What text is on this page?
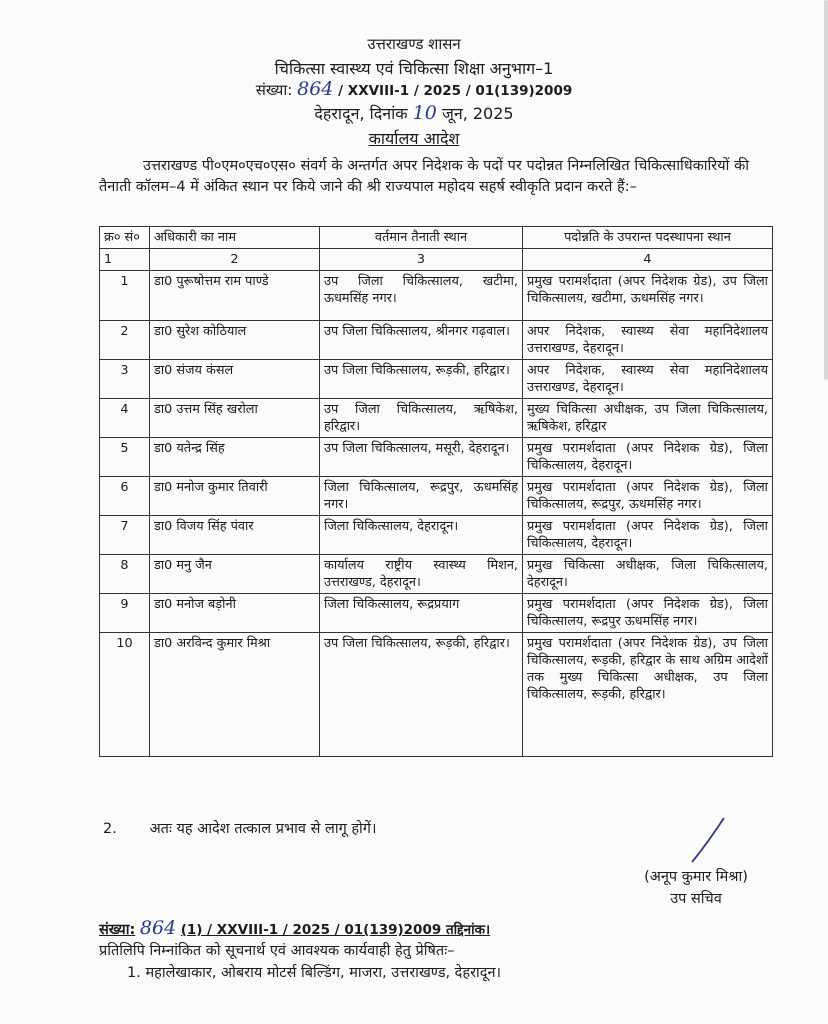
उत्तराखण्ड शासन
चिकित्सा स्वास्थ्य एवं चिकित्सा शिक्षा अनुभाग–1
संख्या: 864 / XXVIII-1 / 2025 / 01(139)2009
देहरादून, दिनांक 10 जून, 2025
कार्यालय आदेश
उत्तराखण्ड पी०एम०एच०एस० संवर्ग के अन्तर्गत अपर निदेशक के पदों पर पदोन्नत निम्नलिखित चिकित्साधिकारियों की तैनाती कॉलम–4 में अंकित स्थान पर किये जाने की श्री राज्यपाल महोदय सहर्ष स्वीकृति प्रदान करते हैं:–
क्र० सं०	अधिकारी का नाम	वर्तमान तैनाती स्थान	पदोन्नति के उपरान्त पदस्थापना स्थान
1	2	3	4
1	डा0 पुरूषोत्तम राम पाण्डे	उप जिला चिकित्सालय, खटीमा, ऊधमसिंह नगर।	प्रमुख परामर्शदाता (अपर निदेशक ग्रेड), उप जिला चिकित्सालय, खटीमा, ऊधमसिंह नगर।
2	डा0 सुरेश कोठियाल	उप जिला चिकित्सालय, श्रीनगर गढ़वाल।	अपर निदेशक, स्वास्थ्य सेवा महानिदेशालय उत्तराखण्ड, देहरादून।
3	डा0 संजय कंसल	उप जिला चिकित्सालय, रूड़की, हरिद्वार।	अपर निदेशक, स्वास्थ्य सेवा महानिदेशालय उत्तराखण्ड, देहरादून।
4	डा0 उत्तम सिंह खरोला	उप जिला चिकित्सालय, ऋषिकेश, हरिद्वार।	मुख्य चिकित्सा अधीक्षक, उप जिला चिकित्सालय, ऋषिकेश, हरिद्वार
5	डा0 यतेन्द्र सिंह	उप जिला चिकित्सालय, मसूरी, देहरादून।	प्रमुख परामर्शदाता (अपर निदेशक ग्रेड), जिला चिकित्सालय, देहरादून।
6	डा0 मनोज कुमार तिवारी	जिला चिकित्सालय, रूद्रपुर, ऊधमसिंह नगर।	प्रमुख परामर्शदाता (अपर निदेशक ग्रेड), जिला चिकित्सालय, रूद्रपुर, ऊधमसिंह नगर।
7	डा0 विजय सिंह पंवार	जिला चिकित्सालय, देहरादून।	प्रमुख परामर्शदाता (अपर निदेशक ग्रेड), जिला चिकित्सालय, देहरादून।
8	डा0 मनु जैन	कार्यालय राष्ट्रीय स्वास्थ्य मिशन, उत्तराखण्ड, देहरादून।	प्रमुख चिकित्सा अधीक्षक, जिला चिकित्सालय, देहरादून।
9	डा0 मनोज बड़ोनी	जिला चिकित्सालय, रूद्रप्रयाग	प्रमुख परामर्शदाता (अपर निदेशक ग्रेड), जिला चिकित्सालय, रूद्रपुर ऊधमसिंह नगर।
10	डा0 अरविन्द कुमार मिश्रा	उप जिला चिकित्सालय, रूड़की, हरिद्वार।	प्रमुख परामर्शदाता (अपर निदेशक ग्रेड), उप जिला चिकित्सालय, रूड़की, हरिद्वार के साथ अग्रिम आदेशों तक मुख्य चिकित्सा अधीक्षक, उप जिला चिकित्सालय, रूड़की, हरिद्वार।
2. अतः यह आदेश तत्काल प्रभाव से लागू होगें।
(अनूप कुमार मिश्रा)
उप सचिव
संख्या: 864 (1) / XXVIII-1 / 2025 / 01(139)2009 तद्दिनांक।
प्रतिलिपि निम्नांकित को सूचनार्थ एवं आवश्यक कार्यवाही हेतु प्रेषितः–
1. महालेखाकार, ओबराय मोटर्स बिल्डिंग, माजरा, उत्तराखण्ड, देहरादून।
